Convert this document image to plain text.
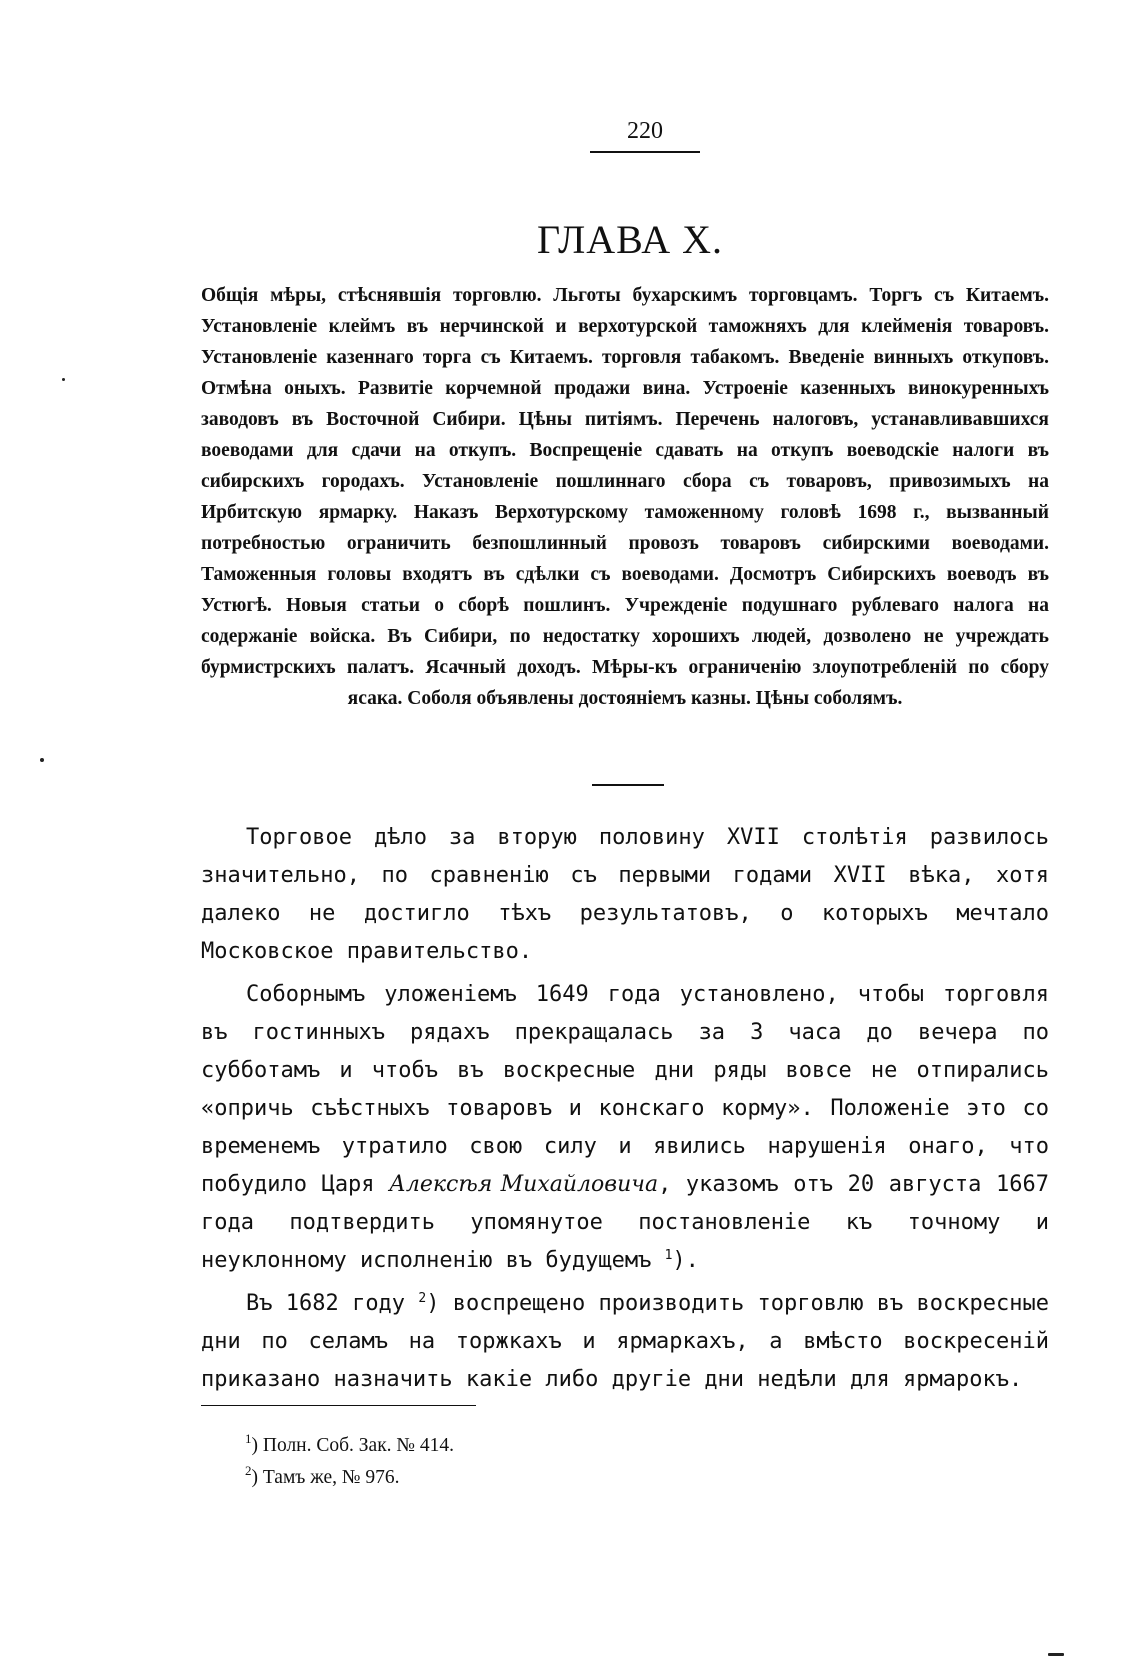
220
ГЛАВА X.
Общія мѣры, стѣснявшія торговлю. Льготы бухарскимъ торговцамъ. Торгъ съ Китаемъ. Установленіе клеймъ въ нерчинской и верхотурской таможняхъ для клейменія товаровъ. Установленіе казеннаго торга съ Китаемъ. торговля табакомъ. Введеніе винныхъ откуповъ. Отмѣна оныхъ. Развитіе корчемной продажи вина. Устроеніе казенныхъ винокуренныхъ заводовъ въ Восточной Сибири. Цѣны питіямъ. Перечень налоговъ, устанавливавшихся воеводами для сдачи на откупъ. Воспрещеніе сдавать на откупъ воеводскіе налоги въ сибирскихъ городахъ. Установленіе пошлиннаго сбора съ товаровъ, привозимыхъ на Ирбитскую ярмарку. Наказъ Верхотурскому таможенному головѣ 1698 г., вызванный потребностью ограничить безпошлинный провозъ товаровъ сибирскими воеводами. Таможенныя головы входятъ въ сдѣлки съ воеводами. Досмотръ Сибирскихъ воеводъ въ Устюгѣ. Новыя статьи о сборѣ пошлинъ. Учрежденіе подушнаго рублеваго налога на содержаніе войска. Въ Сибири, по недостатку хорошихъ людей, дозволено не учреждать бурмистрскихъ палатъ. Ясачный доходъ. Мѣры-къ ограниченію злоупотребленій по сбору ясака. Соболя объявлены достояніемъ казны. Цѣны соболямъ.

Торговое дѣло за вторую половину XVII столѣтія развилось значительно, по сравненію съ первыми годами XVII вѣка, хотя далеко не достигло тѣхъ результатовъ, о которыхъ мечтало Московское правительство.

Соборнымъ уложеніемъ 1649 года установлено, чтобы торговля въ гостинныхъ рядахъ прекращалась за 3 часа до вечера по субботамъ и чтобъ въ воскресные дни ряды вовсе не отпирались «опричь съѣстныхъ товаровъ и конскаго корму». Положеніе это со временемъ утратило свою силу и явились нарушенія онаго, что побудило Царя Алексѣя Михайловича, указомъ отъ 20 августа 1667 года подтвердить упомянутое постановленіе къ точному и неуклонному исполненію въ будущемъ $^1$).

Въ 1682 году $^2$) воспрещено производить торговлю въ воскресные дни по селамъ на торжкахъ и ярмаркахъ, а вмѣсто воскресеній приказано назначить какіе либо другіе дни недѣли для ярмарокъ.

$^1$) Полн. Соб. Зак. № 414.

$^2$) Тамъ же, № 976.
